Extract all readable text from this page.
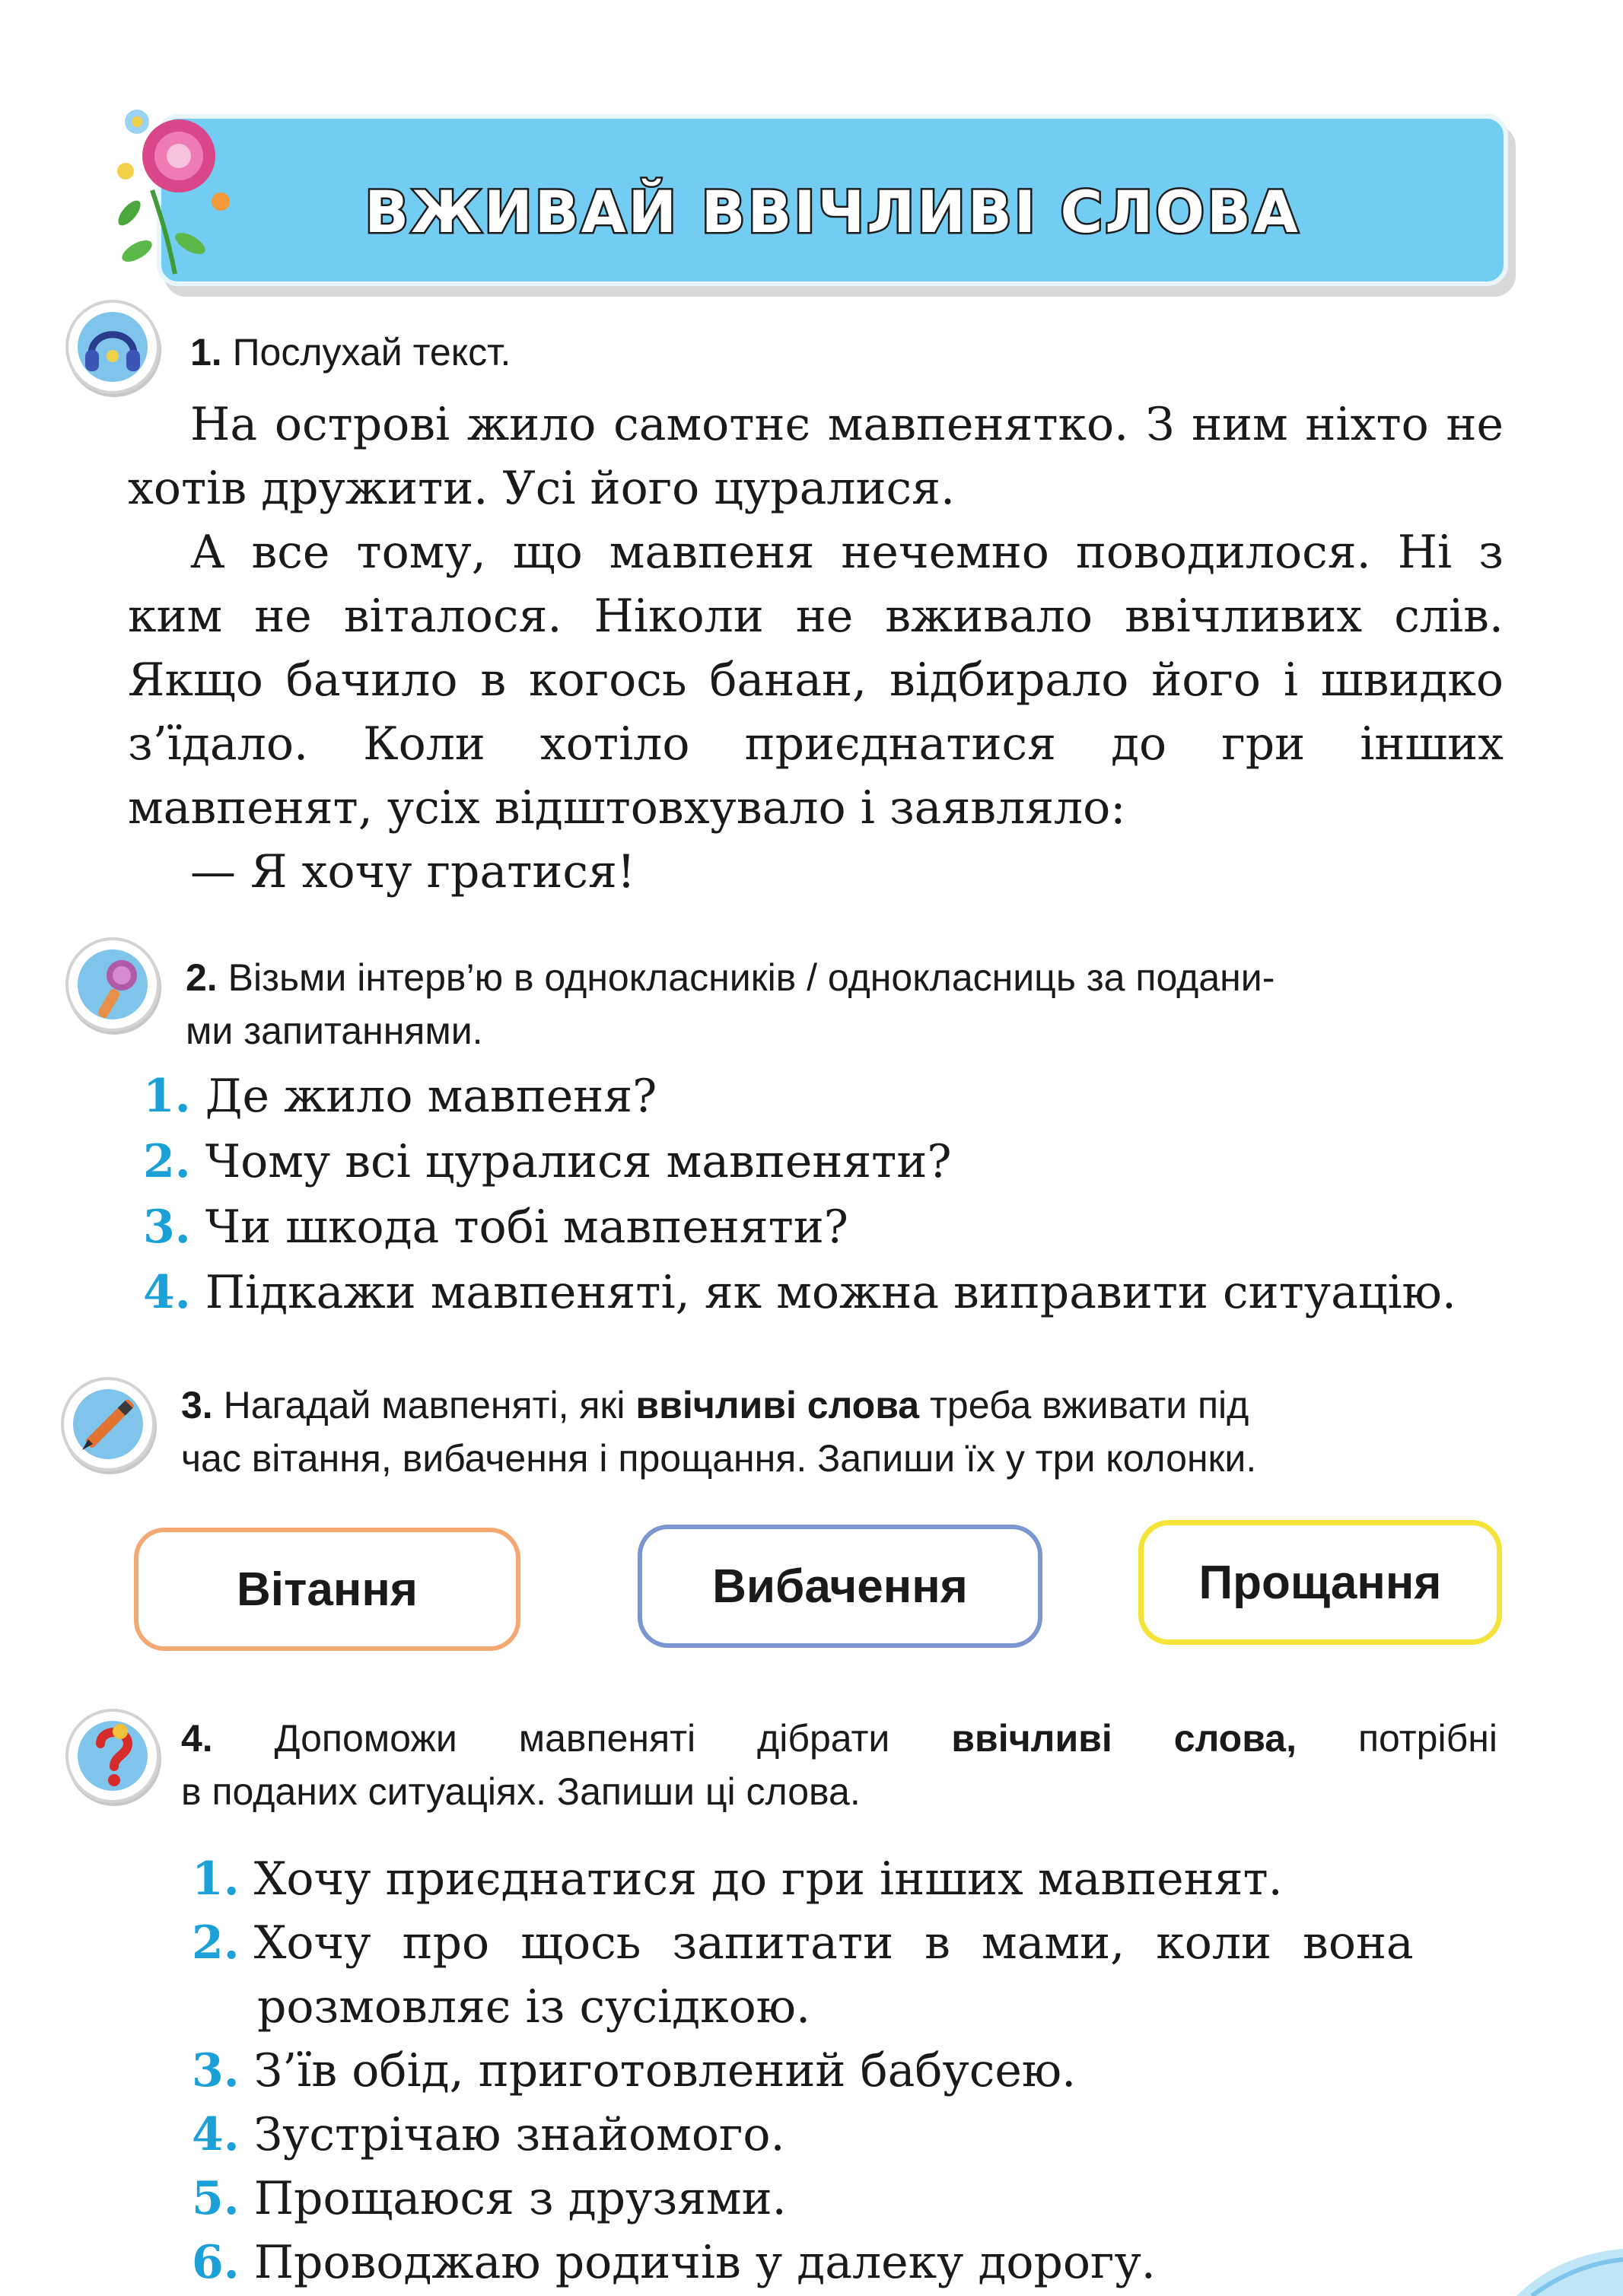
ВЖИВАЙ ВВІЧЛИВІ СЛОВА
1. Послухай текст.

На острові жило самотнє мавпенятко. З ним ніхто не хотів дружити. Усі його цуралися.

А все тому, що мавпеня нечемно поводилося. Ні з ким не віталося. Ніколи не вживало ввічливих слів. Якщо бачило в когось банан, відбирало його і швидко з’їдало. Коли хотіло приєднатися до гри інших мавпенят, усіх відштовхувало і заявляло:

— Я хочу гратися!

2. Візьми інтерв’ю в однокласників / однокласниць за подани-
ми запитаннями.
1. Де жило мавпеня?
2. Чому всі цуралися мавпеняти?
3. Чи шкода тобі мавпеняти?
4. Підкажи мавпеняті, як можна виправити ситуацію.
3. Нагадай мавпеняті, які ввічливі слова треба вживати під
час вітання, вибачення і прощання. Запиши їх у три колонки.
Вітання	Вибачення	Прощання
4. Допоможи мавпеняті дібрати ввічливі слова, потрібні
в поданих ситуаціях. Запиши ці слова.

1. Хочу приєднатися до гри інших мавпенят.

2. Хочу про щось запитати в мами, коли вона
розмовляє із сусідкою.

3. З’їв обід, приготовлений бабусею.

4. Зустрічаю знайомого.

5. Прощаюся з друзями.

6. Проводжаю родичів у далеку дорогу.
